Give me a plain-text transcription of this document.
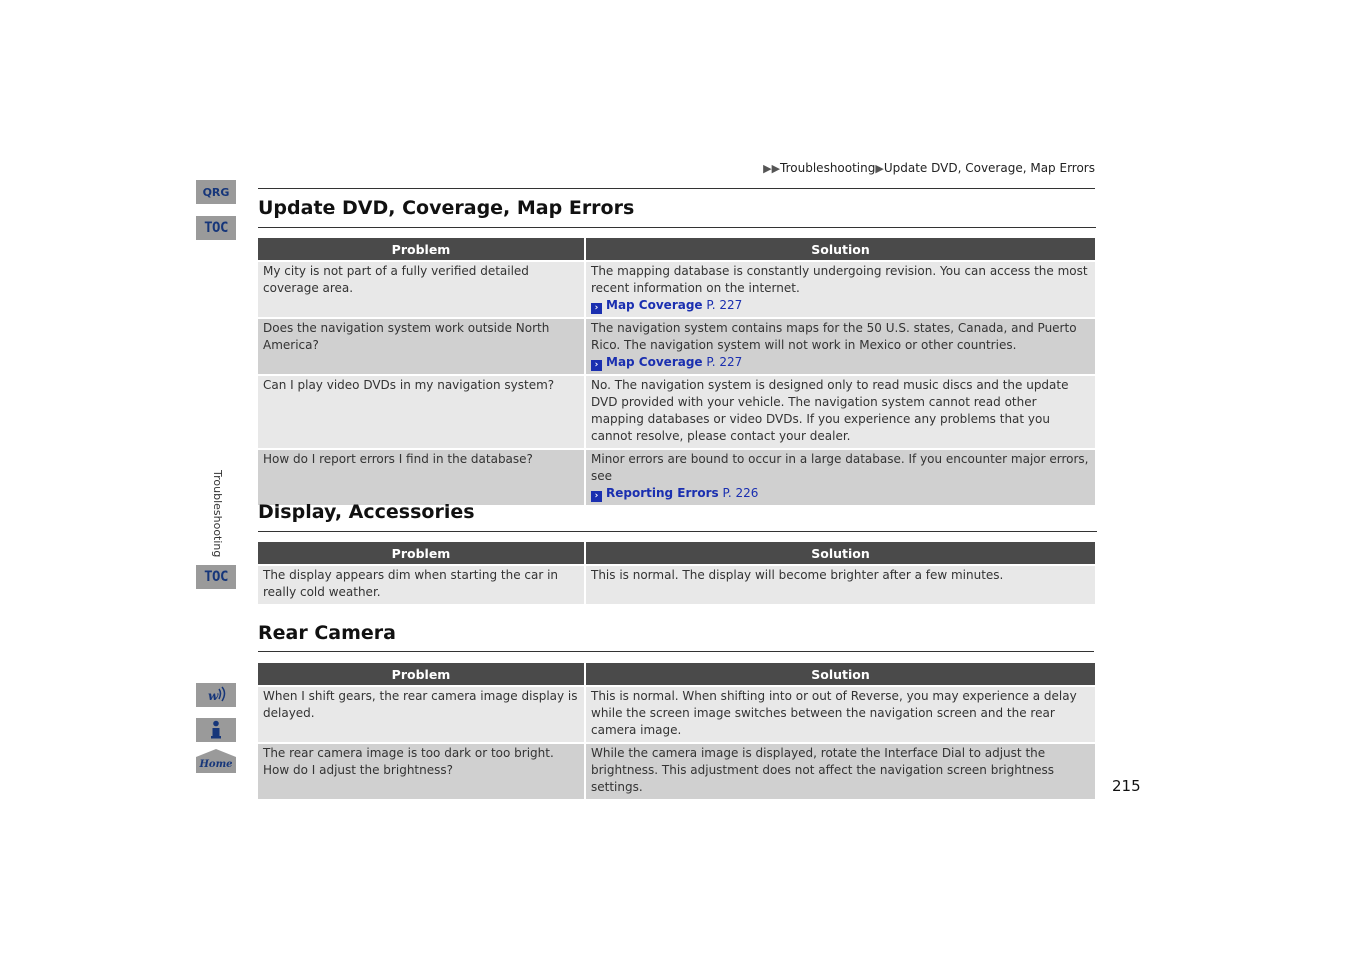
QRG
TOC
Troubleshooting
TOC
w
Home
▶▶Troubleshooting▶Update DVD, Coverage, Map Errors
Update DVD, Coverage, Map Errors
Problem	Solution
My city is not part of a fully verified detailed coverage area.	The mapping database is constantly undergoing revision. You can access the most recent information on the internet.
› Map Coverage P. 227

Does the navigation system work outside North America?	The navigation system contains maps for the 50 U.S. states, Canada, and Puerto Rico. The navigation system will not work in Mexico or other countries.
› Map Coverage P. 227

Can I play video DVDs in my navigation system?	No. The navigation system is designed only to read music discs and the update DVD provided with your vehicle. The navigation system cannot read other mapping databases or video DVDs. If you experience any problems that you cannot resolve, please contact your dealer.
How do I report errors I find in the database?	Minor errors are bound to occur in a large database. If you encounter major errors, see
› Reporting Errors P. 226
Display, Accessories
Problem	Solution
The display appears dim when starting the car in really cold weather.	This is normal. The display will become brighter after a few minutes.
Rear Camera
Problem	Solution
When I shift gears, the rear camera image display is delayed.	This is normal. When shifting into or out of Reverse, you may experience a delay while the screen image switches between the navigation screen and the rear camera image.
The rear camera image is too dark or too bright. How do I adjust the brightness?	While the camera image is displayed, rotate the Interface Dial to adjust the brightness. This adjustment does not affect the navigation screen brightness settings.	215
